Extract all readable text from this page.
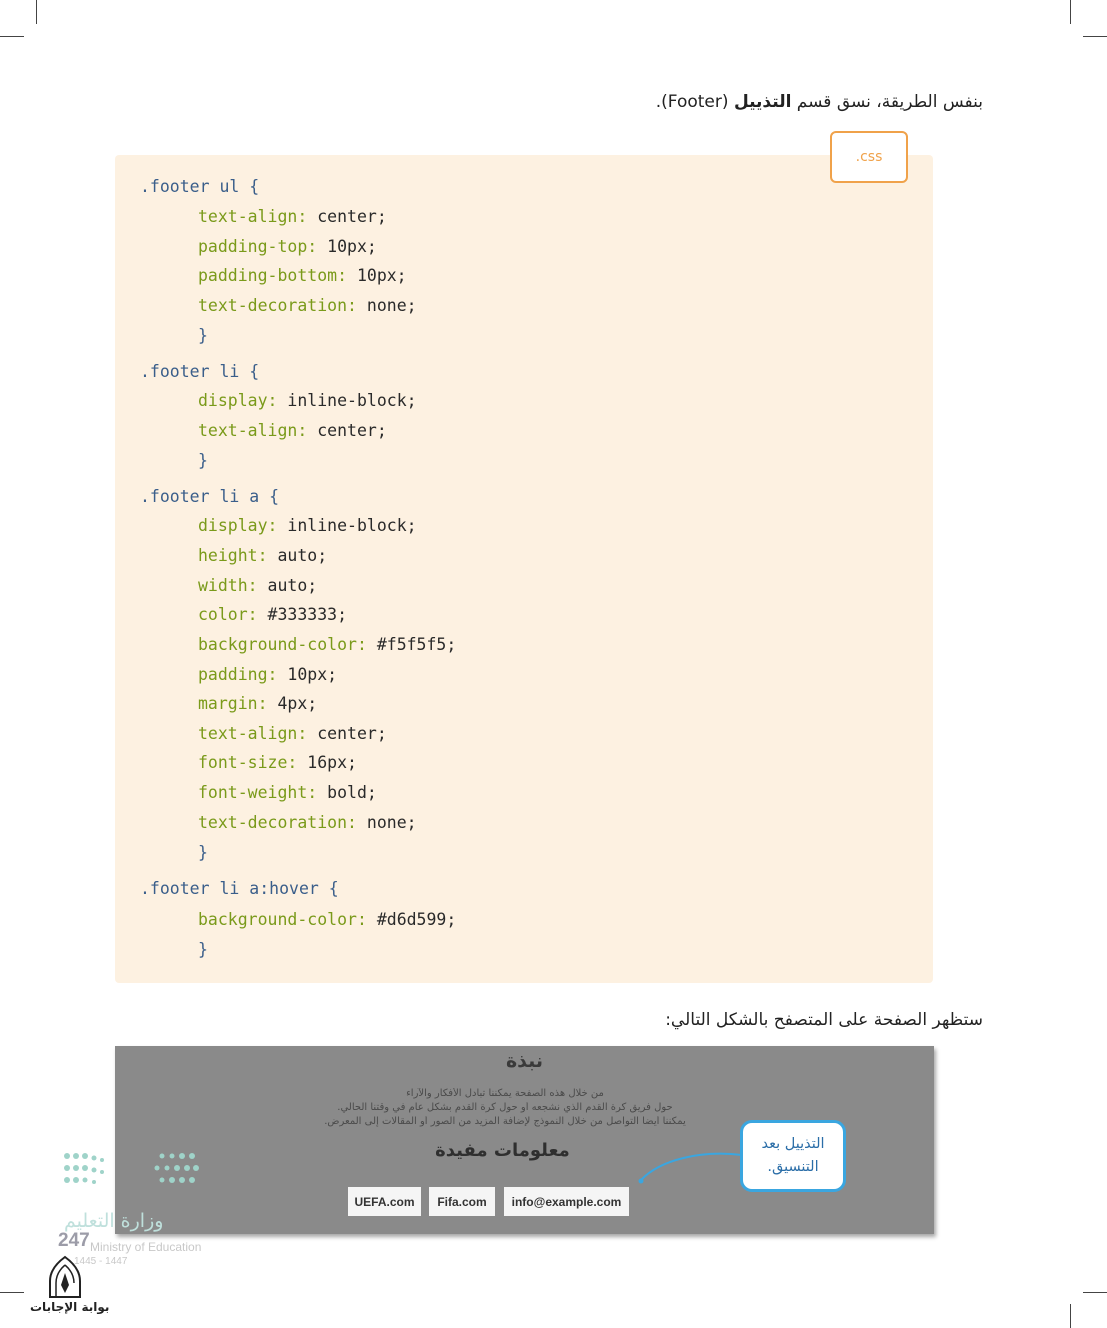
بنفس الطريقة، نسق قسم التذييل (Footer).

.css
.footer ul {
text-align: center;
padding-top: 10px;
padding-bottom: 10px;
text-decoration: none;
}
.footer li {
display: inline-block;
text-align: center;
}
.footer li a {
display: inline-block;
height: auto;
width: auto;
color: #333333;
background-color: #f5f5f5;
padding: 10px;
margin: 4px;
text-align: center;
font-size: 16px;
font-weight: bold;
text-decoration: none;
}
.footer li a:hover {
background-color: #d6d599;
}

ستظهر الصفحة على المتصفح بالشكل التالي:

نبذة
من خلال هذه الصفحة يمكننا تبادل الأفكار والآراء
حول فريق كرة القدم الذي نشجعه أو حول كرة القدم بشكل عام في وقتنا الحالي.
يمكننا أيضا التواصل من خلال النموذج لإضافة المزيد من الصور أو المقالات إلى المعرض.
معلومات مفيدة
UEFA.com	Fifa.com	info@example.com
التذييل بعد
التنسيق.
وزارة التعليم
247 Ministry of Education
1445 - 1447
بوابة الإجابات
